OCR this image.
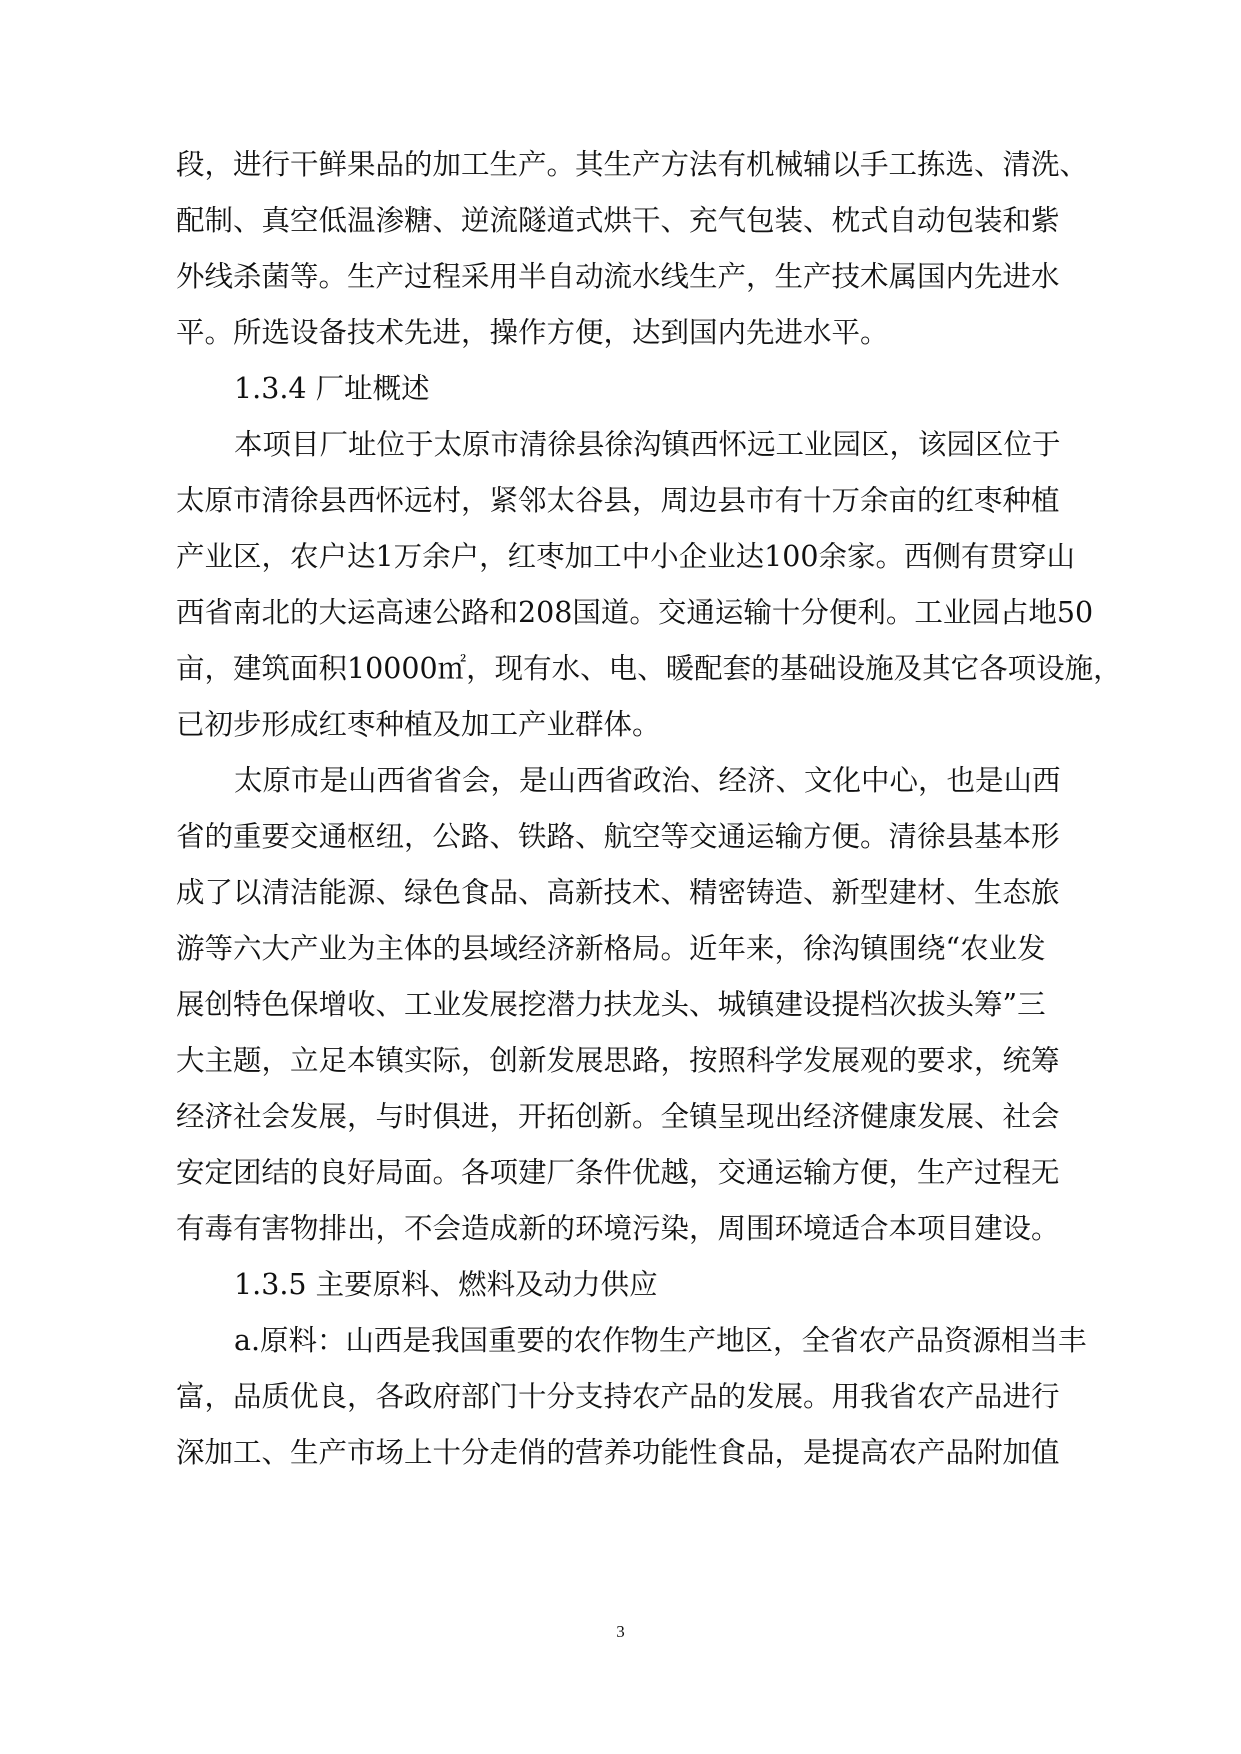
段，进行干鲜果品的加工生产。其生产方法有机械辅以手工拣选、清洗、
配制、真空低温渗糖、逆流隧道式烘干、充气包装、枕式自动包装和紫
外线杀菌等。生产过程采用半自动流水线生产，生产技术属国内先进水
平。所选设备技术先进，操作方便，达到国内先进水平。
1.3.4 厂址概述
本项目厂址位于太原市清徐县徐沟镇西怀远工业园区，该园区位于
太原市清徐县西怀远村，紧邻太谷县，周边县市有十万余亩的红枣种植
产业区，农户达1万余户，红枣加工中小企业达100余家。西侧有贯穿山
西省南北的大运高速公路和208国道。交通运输十分便利。工业园占地50
亩，建筑面积10000㎡，现有水、电、暖配套的基础设施及其它各项设施，
已初步形成红枣种植及加工产业群体。
太原市是山西省省会，是山西省政治、经济、文化中心，也是山西
省的重要交通枢纽，公路、铁路、航空等交通运输方便。清徐县基本形
成了以清洁能源、绿色食品、高新技术、精密铸造、新型建材、生态旅
游等六大产业为主体的县域经济新格局。近年来，徐沟镇围绕“农业发
展创特色保增收、工业发展挖潜力扶龙头、城镇建设提档次拔头筹”三
大主题，立足本镇实际，创新发展思路，按照科学发展观的要求，统筹
经济社会发展，与时俱进，开拓创新。全镇呈现出经济健康发展、社会
安定团结的良好局面。各项建厂条件优越，交通运输方便，生产过程无
有毒有害物排出，不会造成新的环境污染，周围环境适合本项目建设。
1.3.5 主要原料、燃料及动力供应
a.原料：山西是我国重要的农作物生产地区，全省农产品资源相当丰
富，品质优良，各政府部门十分支持农产品的发展。用我省农产品进行
深加工、生产市场上十分走俏的营养功能性食品，是提高农产品附加值
3
